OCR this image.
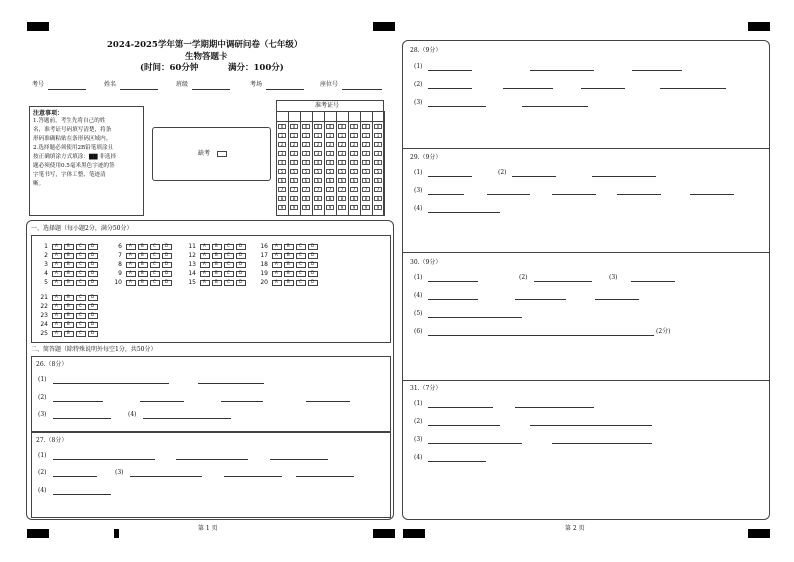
2024-2025学年第一学期期中调研问卷（七年级）
生物答题卡
(时间：60分钟	满分：100分)
考号	姓名	班级	考场	座位号
注意事项：
1.答题前，考生先将自己的姓
名，准考证号码填写清楚，将条
形码准确粘贴在条形码区域内。
2.选择题必须使用2B铅笔填涂且
按正确填涂方式填涂：▇▇ 非选择
题必须使用0.5毫米黑色字迹的签
字笔书写，字体工整、笔迹清
晰。
缺考
准考证号
0	0	0	0	0	0	0	0	0
1	1	1	1	1	1	1	1	1
2	2	2	2	2	2	2	2	2
3	3	3	3	3	3	3	3	3
4	4	4	4	4	4	4	4	4
5	5	5	5	5	5	5	5	5
6	6	6	6	6	6	6	6	6
7	7	7	7	7	7	7	7	7
8	8	8	8	8	8	8	8	8
9	9	9	9	9	9	9	9	9
一、选择题（每小题2分，满分50分）
1 A B C D
2 A B C D
3 A B C D
4 A B C D
5 A B C D
6 A B C D
7 A B C D
8 A B C D
9 A B C D
10 A B C D
11 A B C D
12 A B C D
13 A B C D
14 A B C D
15 A B C D
16 A B C D
17 A B C D
18 A B C D
19 A B C D
20 A B C D
21 A B C D
22 A B C D
23 A B C D
24 A B C D
25 A B C D
二、简答题（除特殊说明外每空1分，共50分）
26.（8分）
(1)
(2)
(3)	(4)
27.（8分）
(1)
(2)	(3)
(4)
第 1 页
28.（9分）
(1)
(2)
(3)
29.（9分）
(1)	(2)
(3)
(4)
30.（9分）
(1)	(2)	(3)
(4)
(5)
(6)	(2分)
31.（7分）
(1)
(2)
(3)
(4)
第 2 页
